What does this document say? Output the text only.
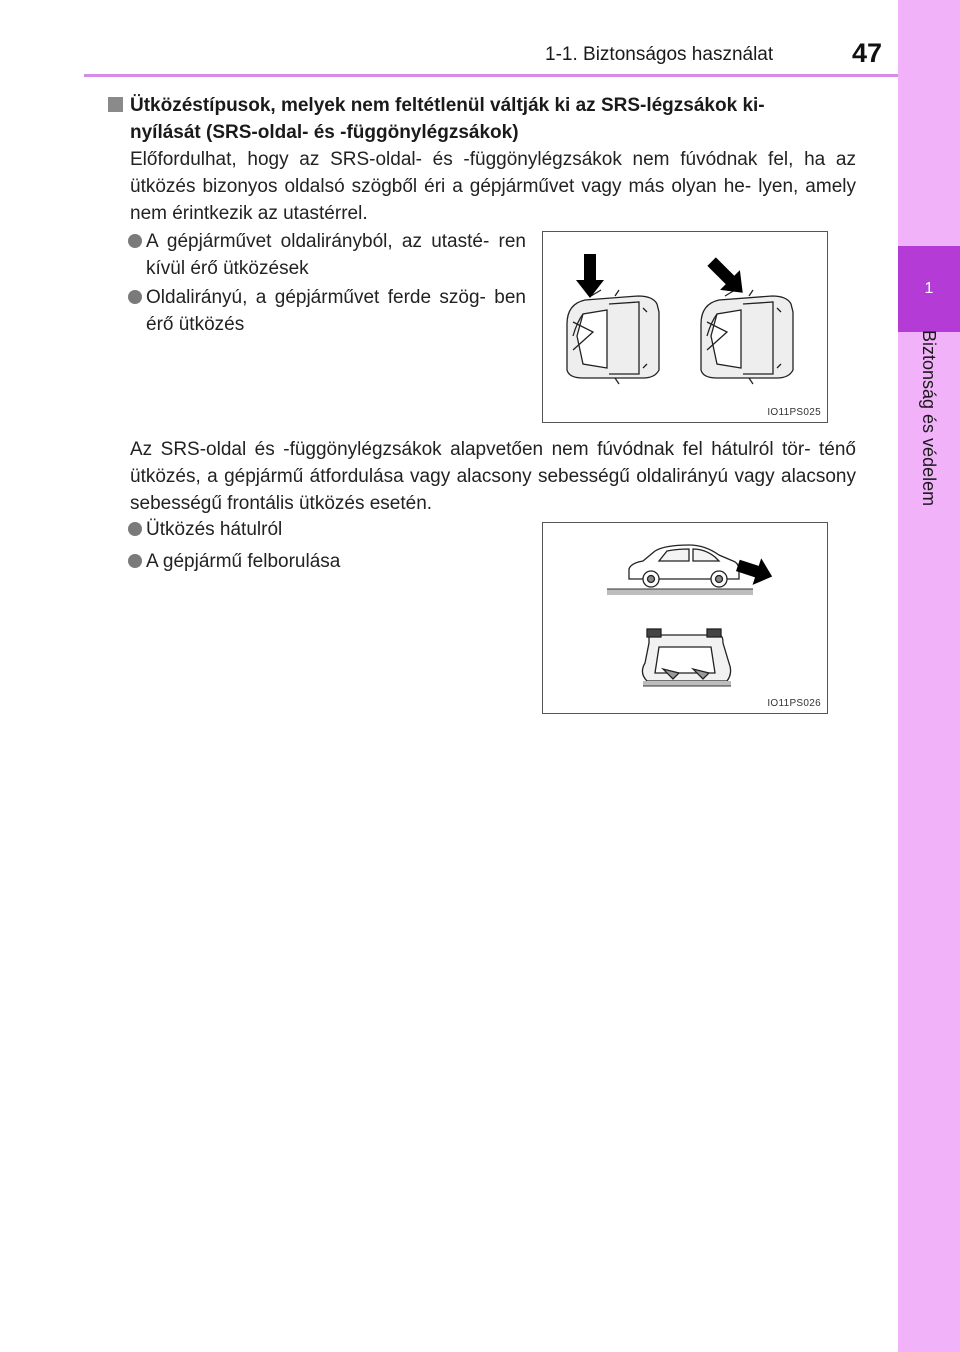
1-1. Biztonságos használat	47
1
Biztonság és védelem
Ütközéstípusok, melyek nem feltétlenül váltják ki az SRS-légzsákok ki-
nyílását (SRS-oldal- és -függönylégzsákok)
Előfordulhat, hogy az SRS-oldal- és -függönylégzsákok nem fúvódnak fel, ha az ütközés bizonyos oldalsó szögből éri a gépjárművet vagy más olyan he- lyen, amely nem érintkezik az utastérrel.
A gépjárművet oldalirányból, az utasté- ren kívül érő ütközések
Oldalirányú, a gépjárművet ferde szög- ben érő ütközés
IO11PS025
Az SRS-oldal és -függönylégzsákok alapvetően nem fúvódnak fel hátulról tör- ténő ütközés, a gépjármű átfordulása vagy alacsony sebességű oldalirányú vagy alacsony sebességű frontális ütközés esetén.
Ütközés hátulról
A gépjármű felborulása
IO11PS026
